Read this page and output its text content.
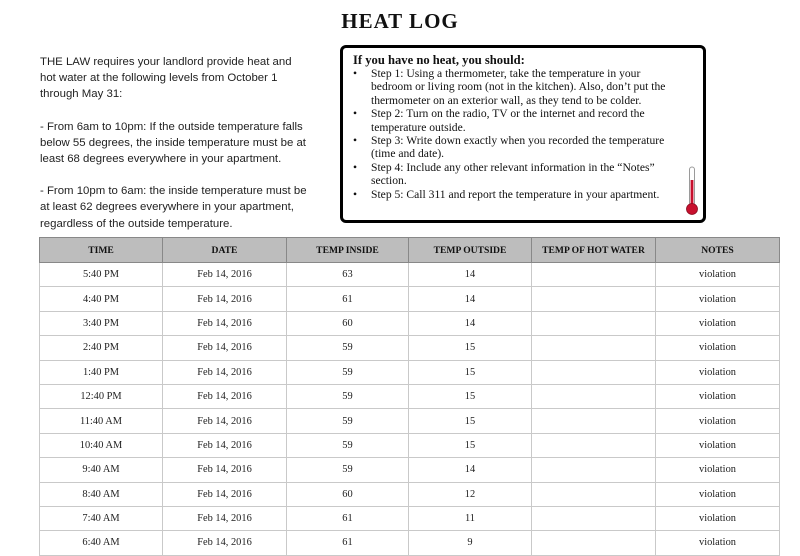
HEAT LOG

THE LAW requires your landlord provide heat and hot water at the following levels from October 1 through May 31:

- From 6am to 10pm: If the outside temperature falls below 55 degrees, the inside temperature must be at least 68 degrees everywhere in your apartment.

- From 10pm to 6am: the inside temperature must be at least 62 degrees everywhere in your apartment, regardless of the outside temperature.

If you have no heat, you should:
• Step 1: Using a thermometer, take the temperature in your bedroom or living room (not in the kitchen). Also, don’t put the thermometer on an exterior wall, as they tend to be colder.
• Step 2: Turn on the radio, TV or the internet and record the temperature outside.
• Step 3: Write down exactly when you recorded the temperature (time and date).
• Step 4: Include any other relevant information in the “Notes” section.
• Step 5: Call 311 and report the temperature in your apartment.
TIME	DATE	TEMP INSIDE	TEMP OUTSIDE	TEMP OF HOT WATER	NOTES
5:40 PM	Feb 14, 2016	63	14		violation
4:40 PM	Feb 14, 2016	61	14		violation
3:40 PM	Feb 14, 2016	60	14		violation
2:40 PM	Feb 14, 2016	59	15		violation
1:40 PM	Feb 14, 2016	59	15		violation
12:40 PM	Feb 14, 2016	59	15		violation
11:40 AM	Feb 14, 2016	59	15		violation
10:40 AM	Feb 14, 2016	59	15		violation
9:40 AM	Feb 14, 2016	59	14		violation
8:40 AM	Feb 14, 2016	60	12		violation
7:40 AM	Feb 14, 2016	61	11		violation
6:40 AM	Feb 14, 2016	61	9		violation
